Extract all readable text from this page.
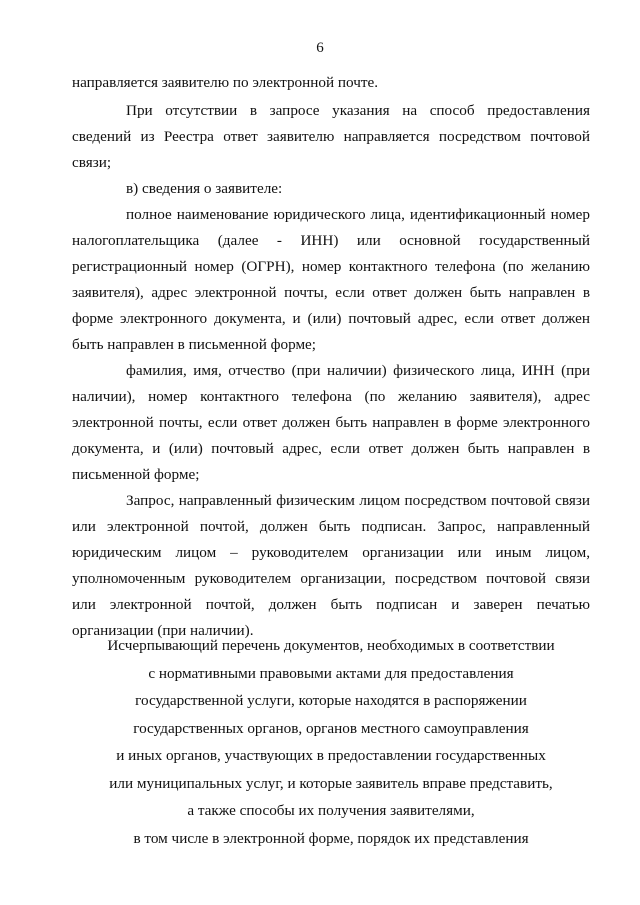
6

направляется заявителю по электронной почте.

При отсутствии в запросе указания на способ предоставления сведений из Реестра ответ заявителю направляется посредством почтовой связи;

в) сведения о заявителе:

полное наименование юридического лица, идентификационный номер налогоплательщика (далее - ИНН) или основной государственный регистрационный номер (ОГРН), номер контактного телефона (по желанию заявителя), адрес электронной почты, если ответ должен быть направлен в форме электронного документа, и (или) почтовый адрес, если ответ должен быть направлен в письменной форме;

фамилия, имя, отчество (при наличии) физического лица, ИНН (при наличии), номер контактного телефона (по желанию заявителя), адрес электронной почты, если ответ должен быть направлен в форме электронного документа, и (или) почтовый адрес, если ответ должен быть направлен в письменной форме;

Запрос, направленный физическим лицом посредством почтовой связи или электронной почтой, должен быть подписан. Запрос, направленный юридическим лицом – руководителем организации или иным лицом, уполномоченным руководителем организации, посредством почтовой связи или электронной почтой, должен быть подписан и заверен печатью организации (при наличии).

Исчерпывающий перечень документов, необходимых в соответствии
с нормативными правовыми актами для предоставления
государственной услуги, которые находятся в распоряжении
государственных органов, органов местного самоуправления
и иных органов, участвующих в предоставлении государственных
или муниципальных услуг, и которые заявитель вправе представить,
а также способы их получения заявителями,
в том числе в электронной форме, порядок их представления
